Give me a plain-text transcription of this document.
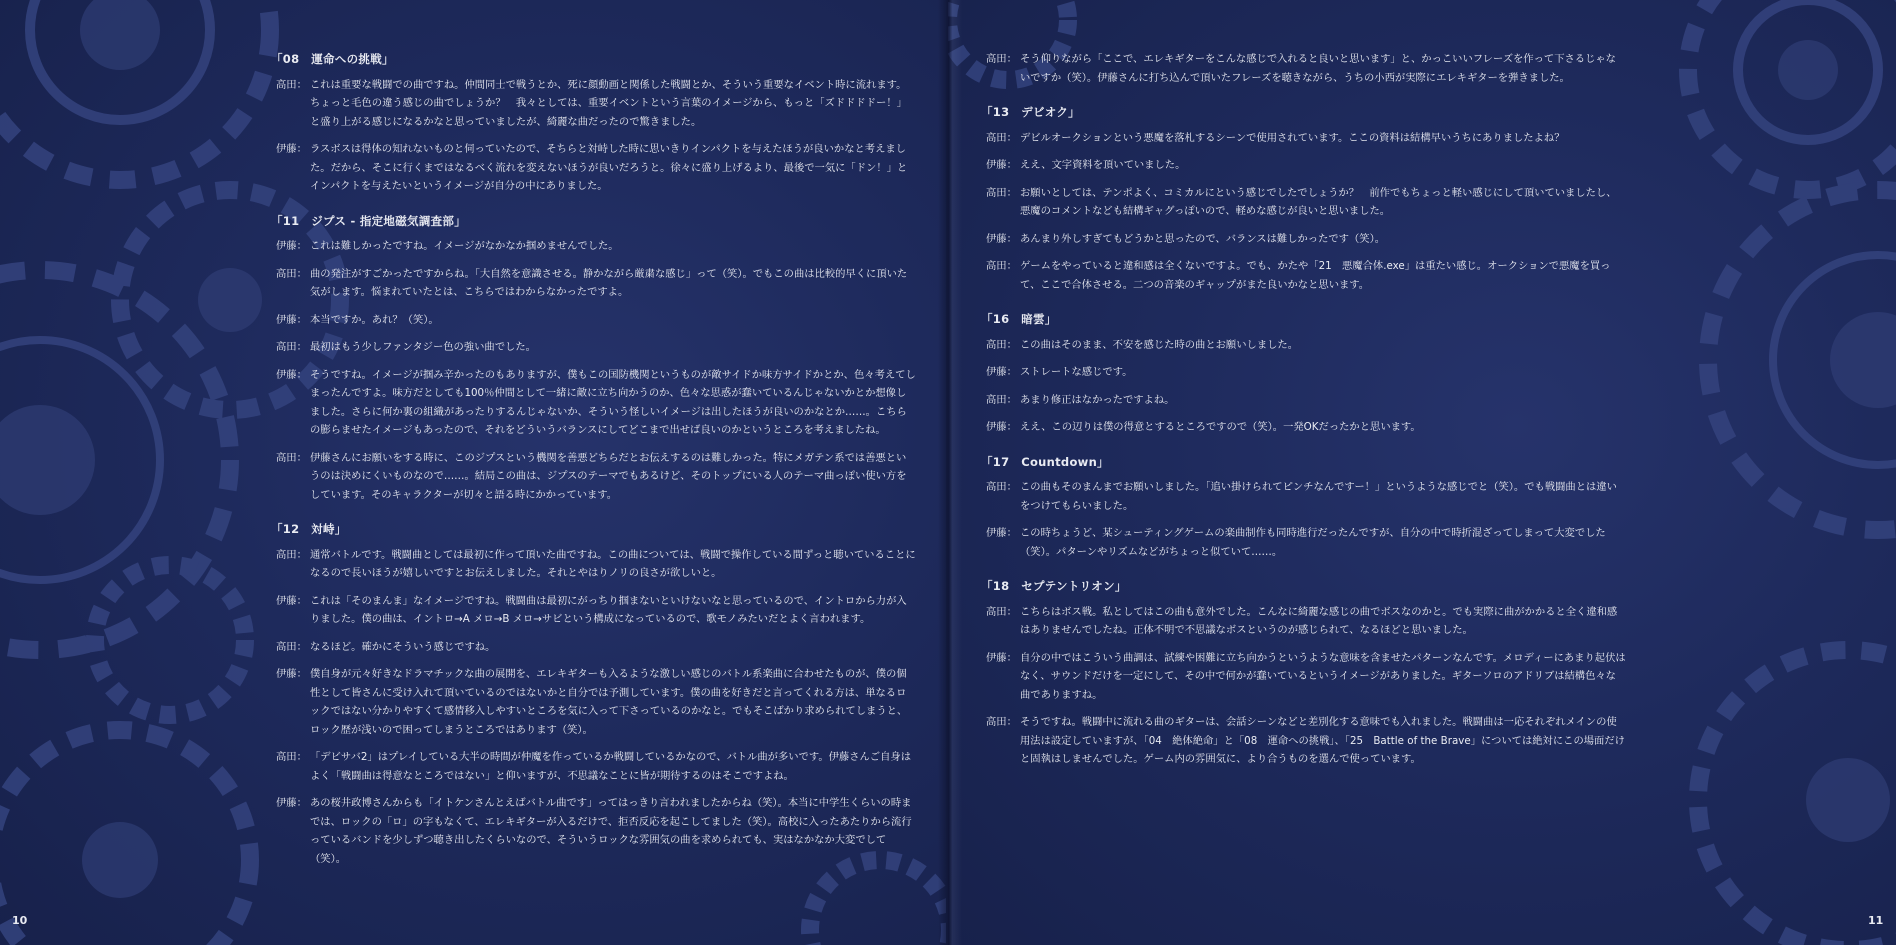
「08　運命への挑戦」
高田： これは重要な戦闘での曲ですね。仲間同士で戦うとか、死に顔動画と関係した戦闘とか、そういう重要なイベント時に流れます。ちょっと毛色の違う感じの曲でしょうか？　我々としては、重要イベントという言葉のイメージから、もっと「ズドドドドー！」と盛り上がる感じになるかなと思っていましたが、綺麗な曲だったので驚きました。
伊藤： ラスボスは得体の知れないものと伺っていたので、そちらと対峙した時に思いきりインパクトを与えたほうが良いかなと考えました。だから、そこに行くまではなるべく流れを変えないほうが良いだろうと。徐々に盛り上げるより、最後で一気に「ドン！」とインパクトを与えたいというイメージが自分の中にありました。
「11　ジプス - 指定地磁気調査部」
伊藤： これは難しかったですね。イメージがなかなか掴めませんでした。
高田： 曲の発注がすごかったですからね。「大自然を意識させる。静かながら厳粛な感じ」って（笑）。でもこの曲は比較的早くに頂いた気がします。悩まれていたとは、こちらではわからなかったですよ。
伊藤： 本当ですか。あれ？（笑）。
高田： 最初はもう少しファンタジー色の強い曲でした。
伊藤： そうですね。イメージが掴み辛かったのもありますが、僕もこの国防機関というものが敵サイドか味方サイドかとか、色々考えてしまったんですよ。味方だとしても100％仲間として一緒に敵に立ち向かうのか、色々な思惑が蠢いているんじゃないかとか想像しました。さらに何か裏の組織があったりするんじゃないか、そういう怪しいイメージは出したほうが良いのかなとか……。こちらの膨らませたイメージもあったので、それをどういうバランスにしてどこまで出せば良いのかというところを考えましたね。
高田： 伊藤さんにお願いをする時に、このジプスという機関を善悪どちらだとお伝えするのは難しかった。特にメガテン系では善悪というのは決めにくいものなので……。結局この曲は、ジプスのテーマでもあるけど、そのトップにいる人のテーマ曲っぽい使い方をしています。そのキャラクターが切々と語る時にかかっています。
「12　対峙」
高田： 通常バトルです。戦闘曲としては最初に作って頂いた曲ですね。この曲については、戦闘で操作している間ずっと聴いていることになるので長いほうが嬉しいですとお伝えしました。それとやはりノリの良さが欲しいと。
伊藤： これは「そのまんま」なイメージですね。戦闘曲は最初にがっちり掴まないといけないなと思っているので、イントロから力が入りました。僕の曲は、イントロ→A メロ→B メロ→サビという構成になっているので、歌モノみたいだとよく言われます。
高田： なるほど。確かにそういう感じですね。
伊藤： 僕自身が元々好きなドラマチックな曲の展開を、エレキギターも入るような激しい感じのバトル系楽曲に合わせたものが、僕の個性として皆さんに受け入れて頂いているのではないかと自分では予測しています。僕の曲を好きだと言ってくれる方は、単なるロックではない分かりやすくて感情移入しやすいところを気に入って下さっているのかなと。でもそこばかり求められてしまうと、ロック歴が浅いので困ってしまうところではあります（笑）。
高田： 「デビサバ2」はプレイしている大半の時間が仲魔を作っているか戦闘しているかなので、バトル曲が多いです。伊藤さんご自身はよく「戦闘曲は得意なところではない」と仰いますが、不思議なことに皆が期待するのはそこですよね。
伊藤： あの桜井政博さんからも「イトケンさんとえばバトル曲です」ってはっきり言われましたからね（笑）。本当に中学生くらいの時までは、ロックの「ロ」の字もなくて、エレキギターが入るだけで、拒否反応を起こしてました（笑）。高校に入ったあたりから流行っているバンドを少しずつ聴き出したくらいなので、そういうロックな雰囲気の曲を求められても、実はなかなか大変でして（笑）。
10
高田： そう仰りながら「ここで、エレキギターをこんな感じで入れると良いと思います」と、かっこいいフレーズを作って下さるじゃないですか（笑）。伊藤さんに打ち込んで頂いたフレーズを聴きながら、うちの小西が実際にエレキギターを弾きました。
「13　デビオク」
高田： デビルオークションという悪魔を落札するシーンで使用されています。ここの資料は結構早いうちにありましたよね？
伊藤： ええ、文字資料を頂いていました。
高田： お願いとしては、テンポよく、コミカルにという感じでしたでしょうか？　前作でもちょっと軽い感じにして頂いていましたし、悪魔のコメントなども結構ギャグっぽいので、軽めな感じが良いと思いました。
伊藤： あんまり外しすぎてもどうかと思ったので、バランスは難しかったです（笑）。
高田： ゲームをやっていると違和感は全くないですよ。でも、かたや「21　悪魔合体.exe」は重たい感じ。オークションで悪魔を買って、ここで合体させる。二つの音楽のギャップがまた良いかなと思います。
「16　暗雲」
高田： この曲はそのまま、不安を感じた時の曲とお願いしました。
伊藤： ストレートな感じです。
高田： あまり修正はなかったですよね。
伊藤： ええ、この辺りは僕の得意とするところですので（笑）。一発OKだったかと思います。
「17　Countdown」
高田： この曲もそのまんまでお願いしました。「追い掛けられてピンチなんですー！」というような感じでと（笑）。でも戦闘曲とは違いをつけてもらいました。
伊藤： この時ちょうど、某シューティングゲームの楽曲制作も同時進行だったんですが、自分の中で時折混ざってしまって大変でした（笑）。パターンやリズムなどがちょっと似ていて……。
「18　セプテントリオン」
高田： こちらはボス戦。私としてはこの曲も意外でした。こんなに綺麗な感じの曲でボスなのかと。でも実際に曲がかかると全く違和感はありませんでしたね。正体不明で不思議なボスというのが感じられて、なるほどと思いました。
伊藤： 自分の中ではこういう曲調は、試練や困難に立ち向かうというような意味を含ませたパターンなんです。メロディーにあまり起伏はなく、サウンドだけを一定にして、その中で何かが蠢いているというイメージがありました。ギターソロのアドリブは結構色々な曲でありますね。
高田： そうですね。戦闘中に流れる曲のギターは、会話シーンなどと差別化する意味でも入れました。戦闘曲は一応それぞれメインの使用法は設定していますが、「04　絶体絶命」と「08　運命への挑戦」、「25　Battle of the Brave」については絶対にこの場面だけと固執はしませんでした。ゲーム内の雰囲気に、より合うものを選んで使っています。
11
